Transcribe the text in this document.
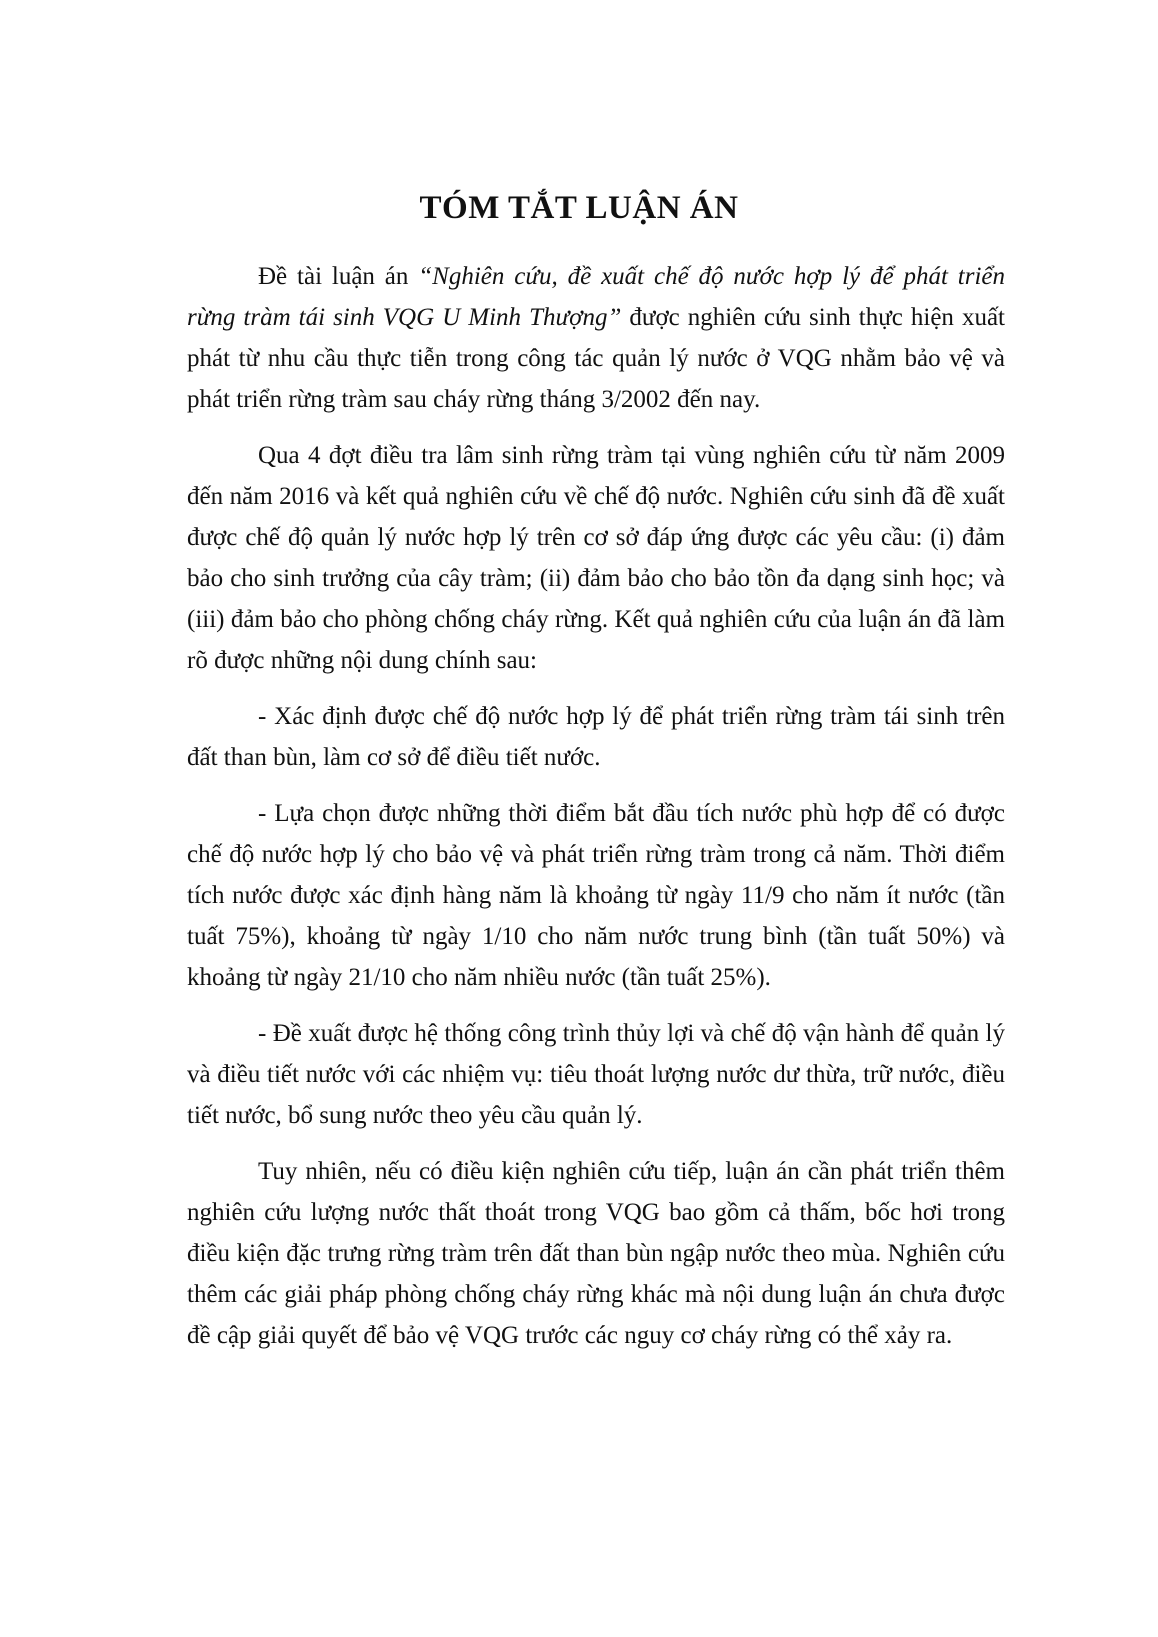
TÓM TẮT LUẬN ÁN

Đề tài luận án “Nghiên cứu, đề xuất chế độ nước hợp lý để phát triển rừng tràm tái sinh VQG U Minh Thượng” được nghiên cứu sinh thực hiện xuất phát từ nhu cầu thực tiễn trong công tác quản lý nước ở VQG nhằm bảo vệ và phát triển rừng tràm sau cháy rừng tháng 3/2002 đến nay.

Qua 4 đợt điều tra lâm sinh rừng tràm tại vùng nghiên cứu từ năm 2009 đến năm 2016 và kết quả nghiên cứu về chế độ nước. Nghiên cứu sinh đã đề xuất được chế độ quản lý nước hợp lý trên cơ sở đáp ứng được các yêu cầu: (i) đảm bảo cho sinh trưởng của cây tràm; (ii) đảm bảo cho bảo tồn đa dạng sinh học; và (iii) đảm bảo cho phòng chống cháy rừng. Kết quả nghiên cứu của luận án đã làm rõ được những nội dung chính sau:

- Xác định được chế độ nước hợp lý để phát triển rừng tràm tái sinh trên đất than bùn, làm cơ sở để điều tiết nước.

- Lựa chọn được những thời điểm bắt đầu tích nước phù hợp để có được chế độ nước hợp lý cho bảo vệ và phát triển rừng tràm trong cả năm. Thời điểm tích nước được xác định hàng năm là khoảng từ ngày 11/9 cho năm ít nước (tần tuất 75%), khoảng từ ngày 1/10 cho năm nước trung bình (tần tuất 50%) và khoảng từ ngày 21/10 cho năm nhiều nước (tần tuất 25%).

- Đề xuất được hệ thống công trình thủy lợi và chế độ vận hành để quản lý và điều tiết nước với các nhiệm vụ: tiêu thoát lượng nước dư thừa, trữ nước, điều tiết nước, bổ sung nước theo yêu cầu quản lý.

Tuy nhiên, nếu có điều kiện nghiên cứu tiếp, luận án cần phát triển thêm nghiên cứu lượng nước thất thoát trong VQG bao gồm cả thấm, bốc hơi trong điều kiện đặc trưng rừng tràm trên đất than bùn ngập nước theo mùa. Nghiên cứu thêm các giải pháp phòng chống cháy rừng khác mà nội dung luận án chưa được đề cập giải quyết để bảo vệ VQG trước các nguy cơ cháy rừng có thể xảy ra.
